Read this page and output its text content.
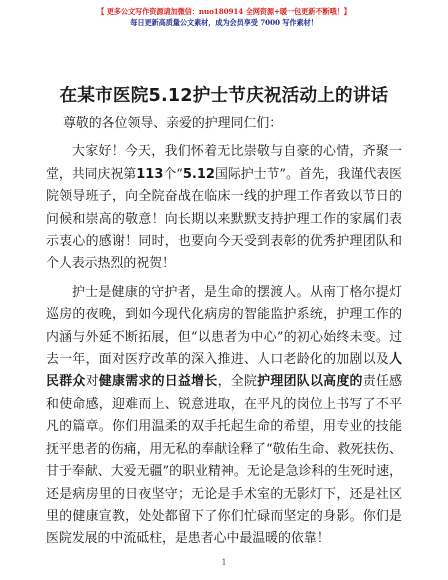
【 更多公文写作资源请加微信：nuo180914 全网资源+暖一包更新不断哦！】
每日更新高质量公文素材，成为会员享受 7000 写作素材！
在某市医院5.12护士节庆祝活动上的讲话

尊敬的各位领导、亲爱的护理同仁们：

大家好！今天，我们怀着无比崇敬与自豪的心情，齐聚一堂，共同庆祝第113个“5.12国际护士节”。首先，我谨代表医院领导班子，向全院奋战在临床一线的护理工作者致以节日的问候和崇高的敬意！向长期以来默默支持护理工作的家属们表示衷心的感谢！同时，也要向今天受到表彰的优秀护理团队和个人表示热烈的祝贺！

护士是健康的守护者，是生命的摆渡人。从南丁格尔提灯巡房的夜晚，到如今现代化病房的智能监护系统，护理工作的内涵与外延不断拓展，但“以患者为中心”的初心始终未变。过去一年，面对医疗改革的深入推进、人口老龄化的加剧以及人民群众对健康需求的日益增长，全院护理团队以高度的责任感和使命感，迎难而上、锐意进取，在平凡的岗位上书写了不平凡的篇章。你们用温柔的双手托起生命的希望，用专业的技能抚平患者的伤痛，用无私的奉献诠释了“敬佑生命、救死扶伤、甘于奉献、大爱无疆”的职业精神。无论是急诊科的生死时速，还是病房里的日夜坚守；无论是手术室的无影灯下，还是社区里的健康宣教，处处都留下了你们忙碌而坚定的身影。你们是医院发展的中流砥柱，是患者心中最温暖的依靠！

1
